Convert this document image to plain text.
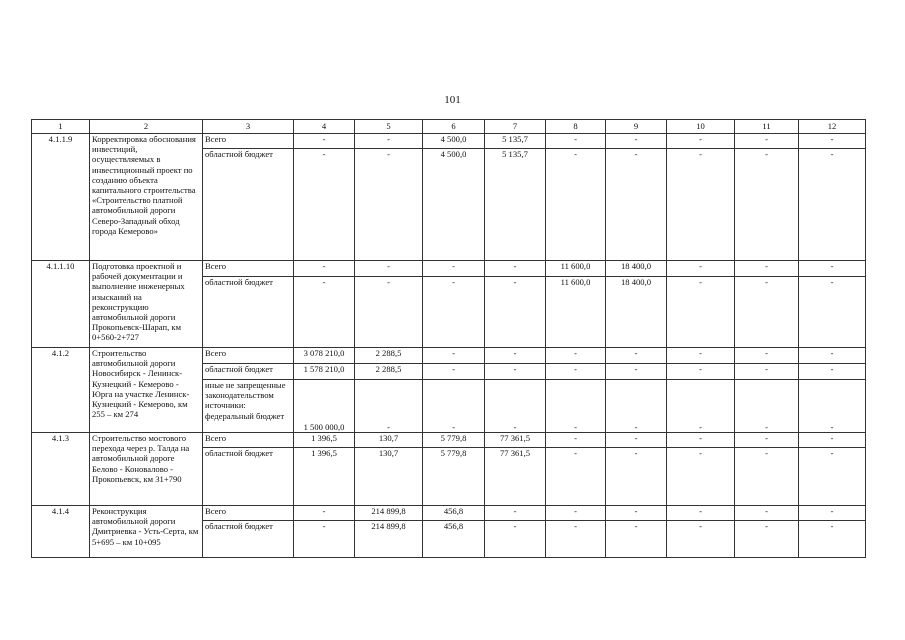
101
1	2	3	4	5	6	7	8	9	10	11	12
4.1.1.9	Корректировка обоснования инвестиций, осуществляемых в инвестиционный проект по созданию объекта капитального строительства «Строительство платной автомобильной дороги Северо-Западный обход города Кемерово»	Всего	-	-	4 500,0	5 135,7	-	-	-	-	-
		областной бюджет	-	-	4 500,0	5 135,7	-	-	-	-	-
4.1.1.10	Подготовка проектной и рабочей документации и выполнение инженерных изысканий на реконструкцию автомобильной дороги Прокопьевск-Шарап, км 0+560-2+727	Всего	-	-	-	-	11 600,0	18 400,0	-	-	-
		областной бюджет	-	-	-	-	11 600,0	18 400,0	-	-	-
4.1.2	Строительство автомобильной дороги Новосибирск - Ленинск-Кузнецкий - Кемерово - Юрга на участке Ленинск-Кузнецкий - Кемерово, км 255 – км 274	Всего	3 078 210,0	2 288,5	-	-	-	-	-	-	-
		областной бюджет	1 578 210,0	2 288,5	-	-	-	-	-	-	-
		иные не запрещенные законодательством источники: федеральный бюджет	1 500 000,0	-	-	-	-	-	-	-	-
4.1.3	Строительство мостового перехода через р. Талда на автомобильной дороге Белово - Коновалово - Прокопьевск, км 31+790	Всего	1 396,5	130,7	5 779,8	77 361,5	-	-	-	-	-
		областной бюджет	1 396,5	130,7	5 779,8	77 361,5	-	-	-	-	-
4.1.4	Реконструкция автомобильной дороги Дмитриевка - Усть-Серта, км 5+695 – км 10+095	Всего	-	214 899,8	456,8	-	-	-	-	-	-
		областной бюджет	-	214 899,8	456,8	-	-	-	-	-	-
